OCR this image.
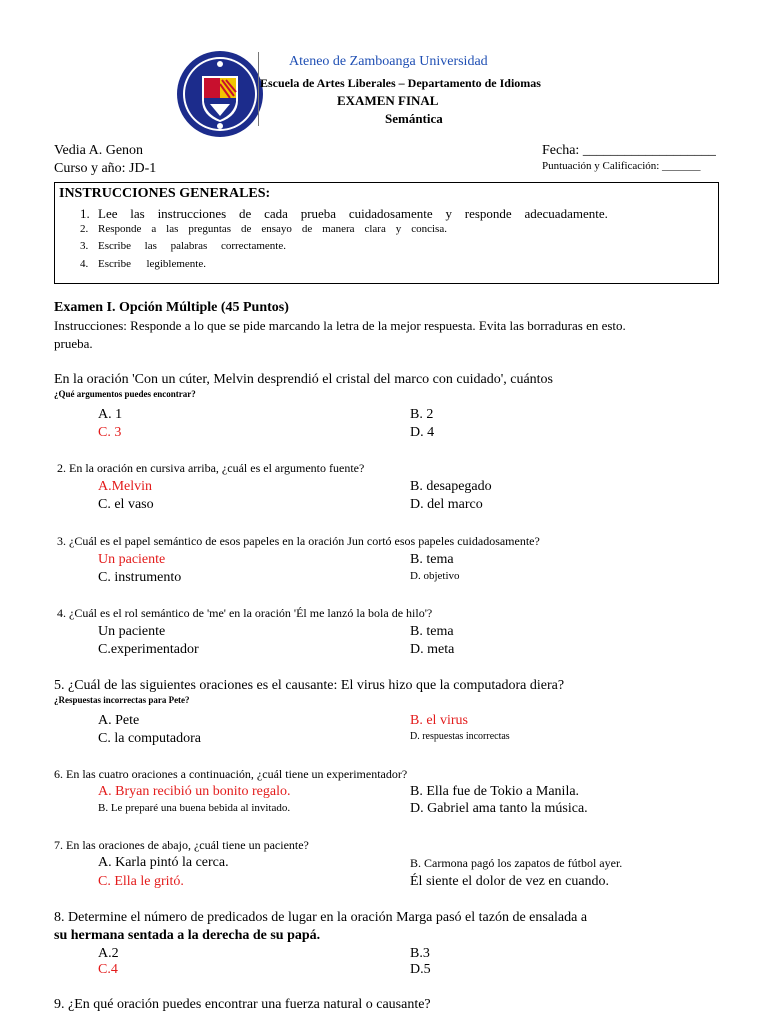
Ateneo de Zamboanga Universidad
Escuela de Artes Liberales – Departamento de Idiomas
EXAMEN FINAL
Semántica
Vedia A. Genon
Curso y año: JD-1
Fecha: ___________________
Puntuación y Calificación: _______
INSTRUCCIONES GENERALES:
1. Lee las instrucciones de cada prueba cuidadosamente y responde adecuadamente.
2. Responde a las preguntas de ensayo de manera clara y concisa.
3. Escribe las palabras correctamente.
4. Escribe legiblemente.
Examen I. Opción Múltiple (45 Puntos)
Instrucciones: Responde a lo que se pide marcando la letra de la mejor respuesta. Evita las borraduras en esto.
prueba.
En la oración 'Con un cúter, Melvin desprendió el cristal del marco con cuidado', cuántos
¿Qué argumentos puedes encontrar?
A. 1	B. 2
C. 3	D. 4
2. En la oración en cursiva arriba, ¿cuál es el argumento fuente?
A.Melvin	B. desapegado
C. el vaso	D. del marco
3. ¿Cuál es el papel semántico de esos papeles en la oración Jun cortó esos papeles cuidadosamente?
Un paciente	B. tema
C. instrumento	D. objetivo
4. ¿Cuál es el rol semántico de 'me' en la oración 'Él me lanzó la bola de hilo'?
Un paciente	B. tema
C.experimentador	D. meta
5. ¿Cuál de las siguientes oraciones es el causante: El virus hizo que la computadora diera?
¿Respuestas incorrectas para Pete?
A. Pete	B. el virus
C. la computadora	D. respuestas incorrectas
6. En las cuatro oraciones a continuación, ¿cuál tiene un experimentador?
A. Bryan recibió un bonito regalo.	B. Ella fue de Tokio a Manila.
B. Le preparé una buena bebida al invitado.	D. Gabriel ama tanto la música.
7. En las oraciones de abajo, ¿cuál tiene un paciente?
A. Karla pintó la cerca.	B. Carmona pagó los zapatos de fútbol ayer.
C. Ella le gritó.	Él siente el dolor de vez en cuando.
8. Determine el número de predicados de lugar en la oración Marga pasó el tazón de ensalada a
su hermana sentada a la derecha de su papá.
A.2	B.3
C.4	D.5
9. ¿En qué oración puedes encontrar una fuerza natural o causante?
